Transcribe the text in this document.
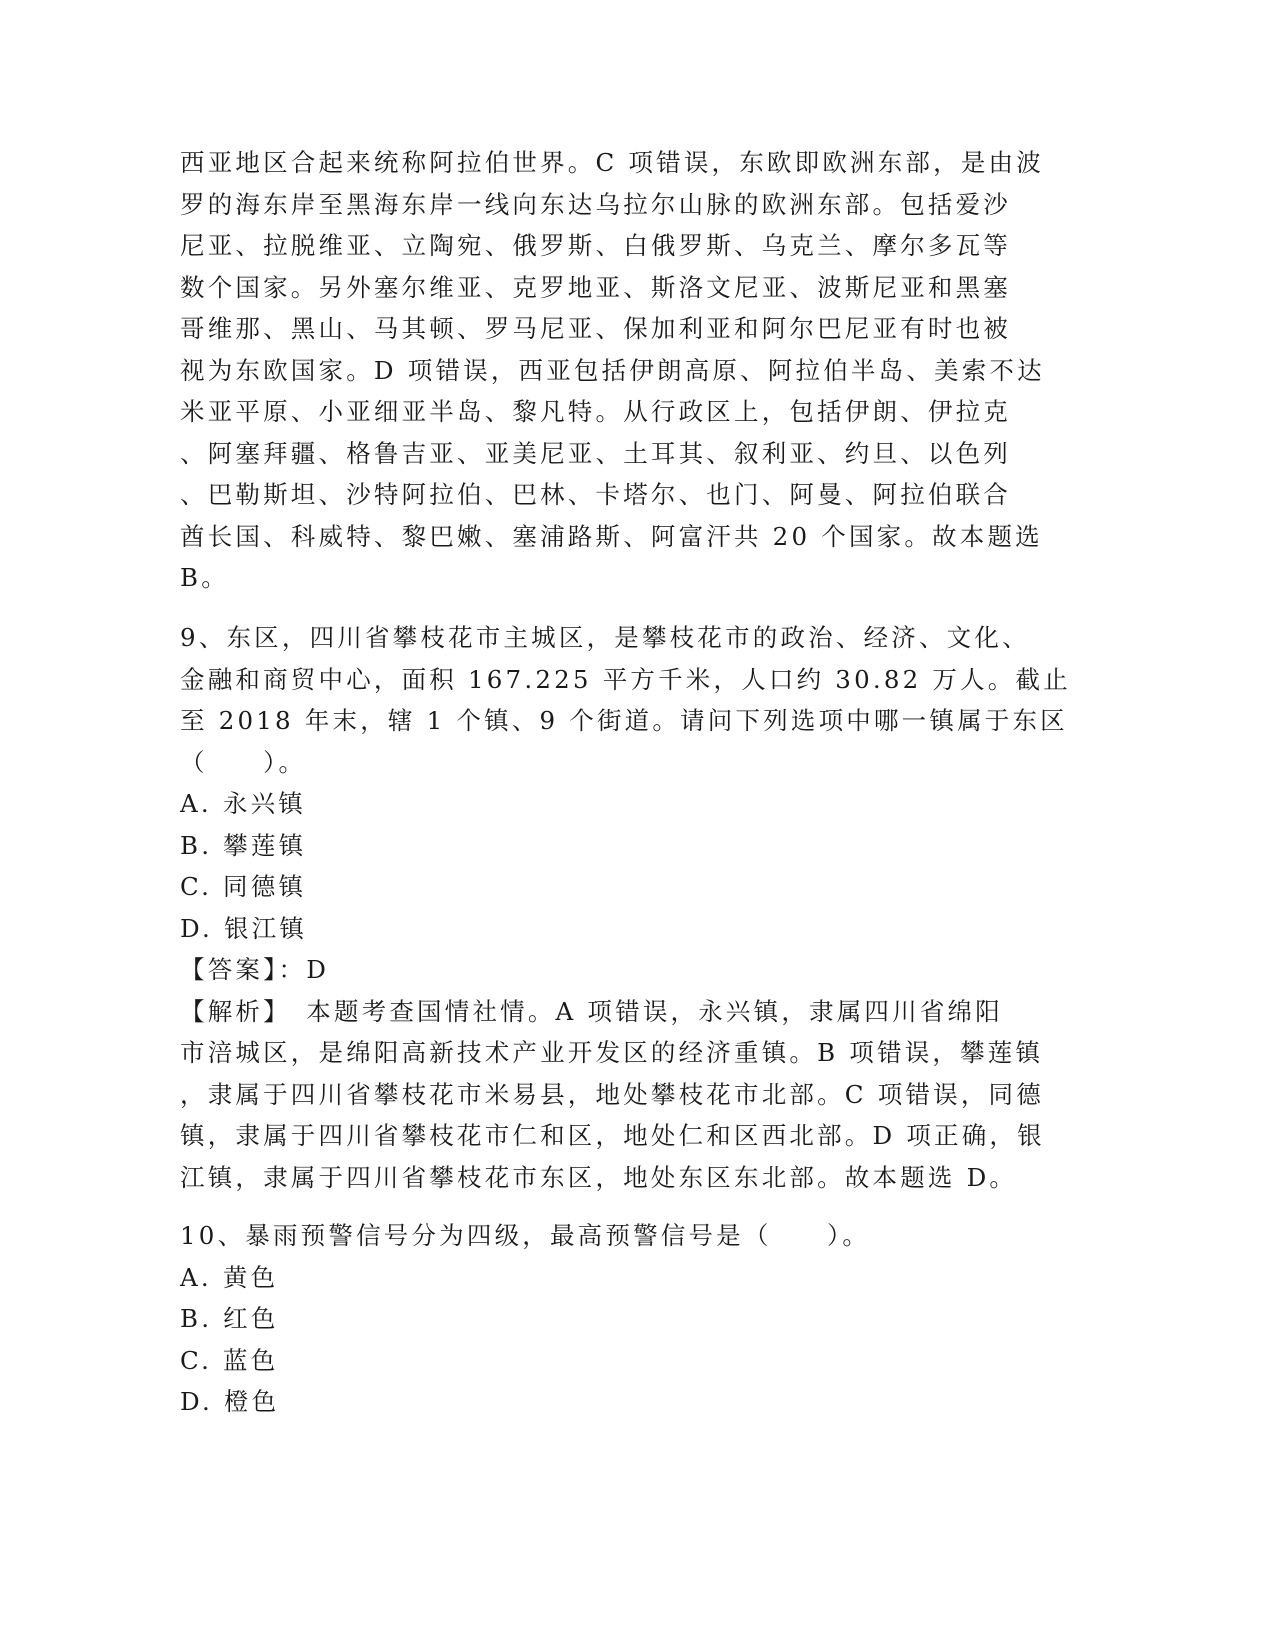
西亚地区合起来统称阿拉伯世界。C 项错误，东欧即欧洲东部，是由波
罗的海东岸至黑海东岸一线向东达乌拉尔山脉的欧洲东部。包括爱沙
尼亚、拉脱维亚、立陶宛、俄罗斯、白俄罗斯、乌克兰、摩尔多瓦等
数个国家。另外塞尔维亚、克罗地亚、斯洛文尼亚、波斯尼亚和黑塞
哥维那、黑山、马其顿、罗马尼亚、保加利亚和阿尔巴尼亚有时也被
视为东欧国家。D 项错误，西亚包括伊朗高原、阿拉伯半岛、美索不达
米亚平原、小亚细亚半岛、黎凡特。从行政区上，包括伊朗、伊拉克
、阿塞拜疆、格鲁吉亚、亚美尼亚、土耳其、叙利亚、约旦、以色列
、巴勒斯坦、沙特阿拉伯、巴林、卡塔尔、也门、阿曼、阿拉伯联合
酋长国、科威特、黎巴嫩、塞浦路斯、阿富汗共 20 个国家。故本题选
B。
9、东区，四川省攀枝花市主城区，是攀枝花市的政治、经济、文化、
金融和商贸中心，面积 167.225 平方千米，人口约 30.82 万人。截止
至 2018 年末，辖 1 个镇、9 个街道。请问下列选项中哪一镇属于东区
（　　）。
A. 永兴镇
B. 攀莲镇
C. 同德镇
D. 银江镇
【答案】：D
【解析】　本题考查国情社情。A 项错误，永兴镇，隶属四川省绵阳
市涪城区，是绵阳高新技术产业开发区的经济重镇。B 项错误，攀莲镇
，隶属于四川省攀枝花市米易县，地处攀枝花市北部。C 项错误，同德
镇，隶属于四川省攀枝花市仁和区，地处仁和区西北部。D 项正确，银
江镇，隶属于四川省攀枝花市东区，地处东区东北部。故本题选 D。
10、暴雨预警信号分为四级，最高预警信号是（　　）。
A. 黄色
B. 红色
C. 蓝色
D. 橙色
